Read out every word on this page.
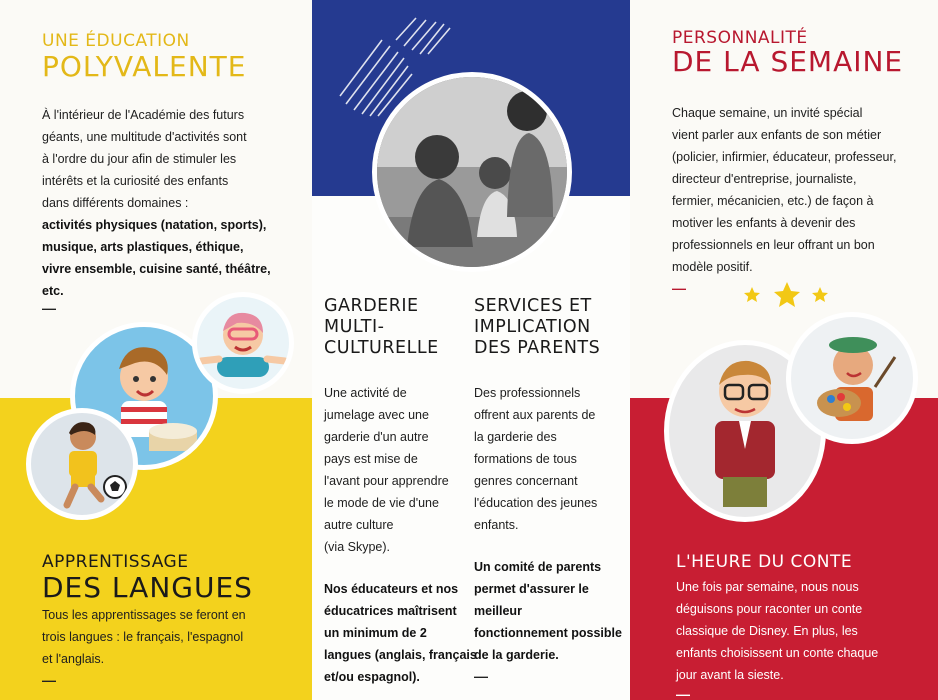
UNE ÉDUCATION
POLYVALENTE
À l'intérieur de l'Académie des futurs
géants, une multitude d'activités sont
à l'ordre du jour afin de stimuler les
intérêts et la curiosité des enfants
dans différents domaines :
activités physiques (natation, sports),
musique, arts plastiques, éthique,
vivre ensemble, cuisine santé, théâtre,
etc.
—
APPRENTISSAGE
DES LANGUES
Tous les apprentissages se feront en
trois langues : le français, l'espagnol
et l'anglais.
—
GARDERIE
MULTI-
CULTURELLE
Une activité de
jumelage avec une
garderie d'un autre
pays est mise de
l'avant pour apprendre
le mode de vie d'une
autre culture
(via Skype).
Nos éducateurs et nos
éducatrices maîtrisent
un minimum de 2
langues (anglais, français
et/ou espagnol).
SERVICES ET
IMPLICATION
DES PARENTS
Des professionnels
offrent aux parents de
la garderie des
formations de tous
genres concernant
l'éducation des jeunes
enfants.
Un comité de parents
permet d'assurer le
meilleur
fonctionnement possible
de la garderie.
—
PERSONNALITÉ
DE LA SEMAINE
Chaque semaine, un invité spécial
vient parler aux enfants de son métier
(policier, infirmier, éducateur, professeur,
directeur d'entreprise, journaliste,
fermier, mécanicien, etc.) de façon à
motiver les enfants à devenir des
professionnels en leur offrant un bon
modèle positif.
—
L'HEURE DU CONTE
Une fois par semaine, nous nous
déguisons pour raconter un conte
classique de Disney. En plus, les
enfants choisissent un conte chaque
jour avant la sieste.
—
